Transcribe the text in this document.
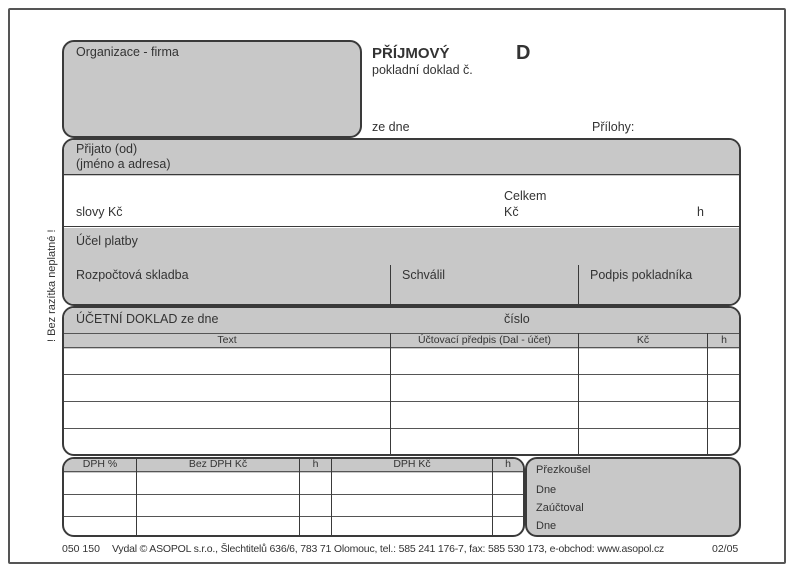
! Bez razítka neplatné !
Organizace - firma	PŘÍJMOVÝ
pokladní doklad č.
D
ze dne	Přílohy:
Přijato (od)
(jméno a adresa)
slovy Kč
Celkem
Kč	h
Účel platby
Rozpočtová skladba	Schválil	Podpis pokladníka
ÚČETNÍ DOKLAD ze dne	číslo
Text	Účtovací předpis (Dal - účet)	Kč	h
DPH %	Bez DPH Kč	h	DPH Kč	h	Přezkoušel
Dne
Zaúčtoval
Dne
050 150 Vydal © ASOPOL s.r.o., Šlechtitelů 636/6, 783 71 Olomouc, tel.: 585 241 176-7, fax: 585 530 173, e-obchod: www.asopol.cz	02/05
